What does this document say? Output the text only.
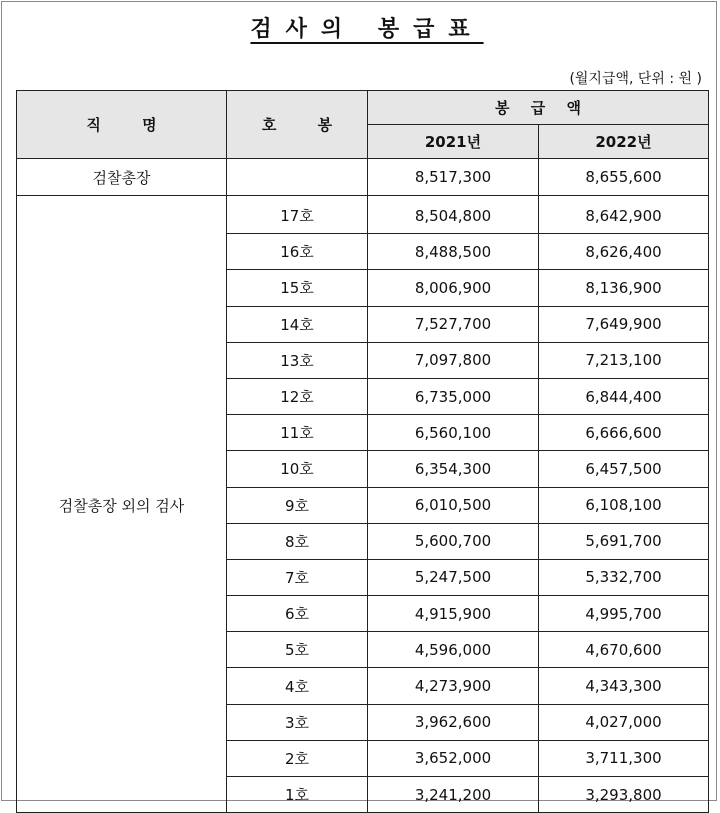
검사의 봉급표
(월지급액, 단위 : 원 )
직 명	호 봉	봉 급 액	
		2021년	2022년
검찰총장		8,517,300	8,655,600
검찰총장 외의 검사	17호	8,504,800	8,642,900
	16호	8,488,500	8,626,400
	15호	8,006,900	8,136,900
	14호	7,527,700	7,649,900
	13호	7,097,800	7,213,100
	12호	6,735,000	6,844,400
	11호	6,560,100	6,666,600
	10호	6,354,300	6,457,500
	9호	6,010,500	6,108,100
	8호	5,600,700	5,691,700
	7호	5,247,500	5,332,700
	6호	4,915,900	4,995,700
	5호	4,596,000	4,670,600
	4호	4,273,900	4,343,300
	3호	3,962,600	4,027,000
	2호	3,652,000	3,711,300
	1호	3,241,200	3,293,800
